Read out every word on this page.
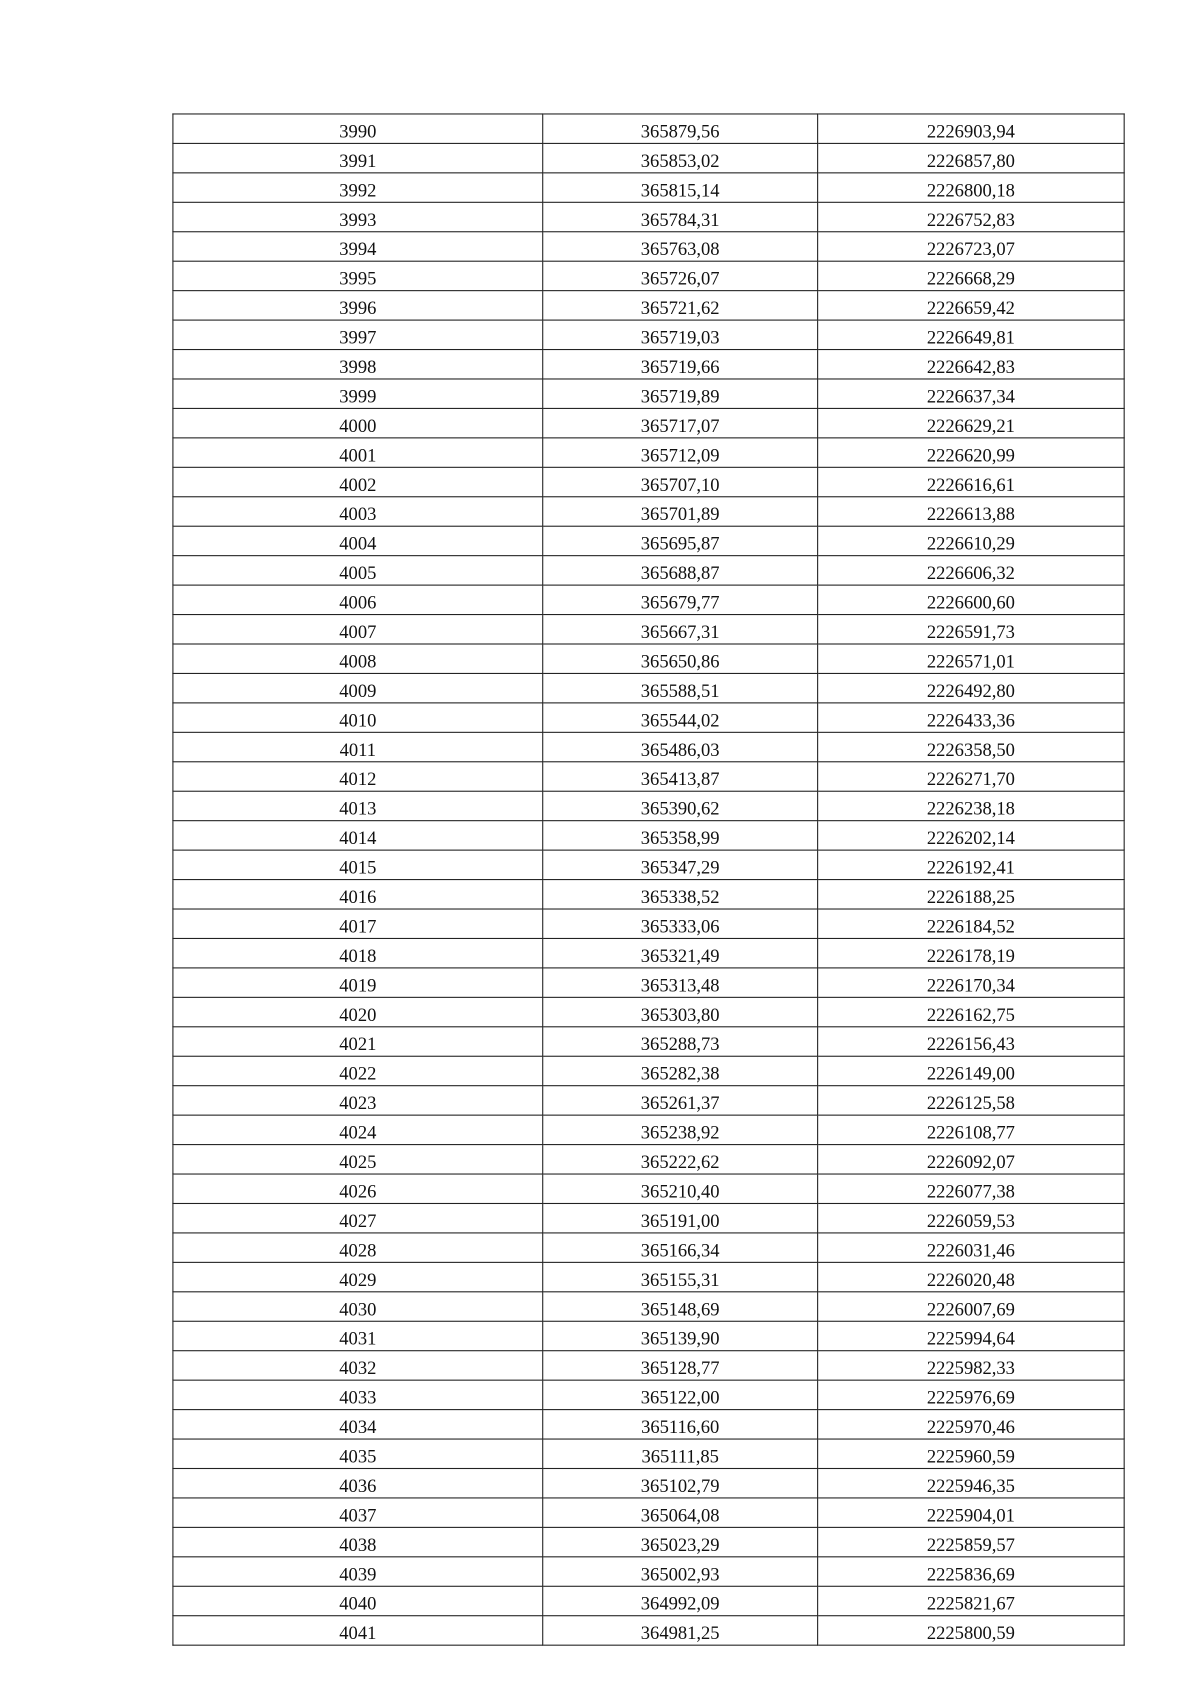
3990	365879,56	2226903,94
3991	365853,02	2226857,80
3992	365815,14	2226800,18
3993	365784,31	2226752,83
3994	365763,08	2226723,07
3995	365726,07	2226668,29
3996	365721,62	2226659,42
3997	365719,03	2226649,81
3998	365719,66	2226642,83
3999	365719,89	2226637,34
4000	365717,07	2226629,21
4001	365712,09	2226620,99
4002	365707,10	2226616,61
4003	365701,89	2226613,88
4004	365695,87	2226610,29
4005	365688,87	2226606,32
4006	365679,77	2226600,60
4007	365667,31	2226591,73
4008	365650,86	2226571,01
4009	365588,51	2226492,80
4010	365544,02	2226433,36
4011	365486,03	2226358,50
4012	365413,87	2226271,70
4013	365390,62	2226238,18
4014	365358,99	2226202,14
4015	365347,29	2226192,41
4016	365338,52	2226188,25
4017	365333,06	2226184,52
4018	365321,49	2226178,19
4019	365313,48	2226170,34
4020	365303,80	2226162,75
4021	365288,73	2226156,43
4022	365282,38	2226149,00
4023	365261,37	2226125,58
4024	365238,92	2226108,77
4025	365222,62	2226092,07
4026	365210,40	2226077,38
4027	365191,00	2226059,53
4028	365166,34	2226031,46
4029	365155,31	2226020,48
4030	365148,69	2226007,69
4031	365139,90	2225994,64
4032	365128,77	2225982,33
4033	365122,00	2225976,69
4034	365116,60	2225970,46
4035	365111,85	2225960,59
4036	365102,79	2225946,35
4037	365064,08	2225904,01
4038	365023,29	2225859,57
4039	365002,93	2225836,69
4040	364992,09	2225821,67
4041	364981,25	2225800,59
